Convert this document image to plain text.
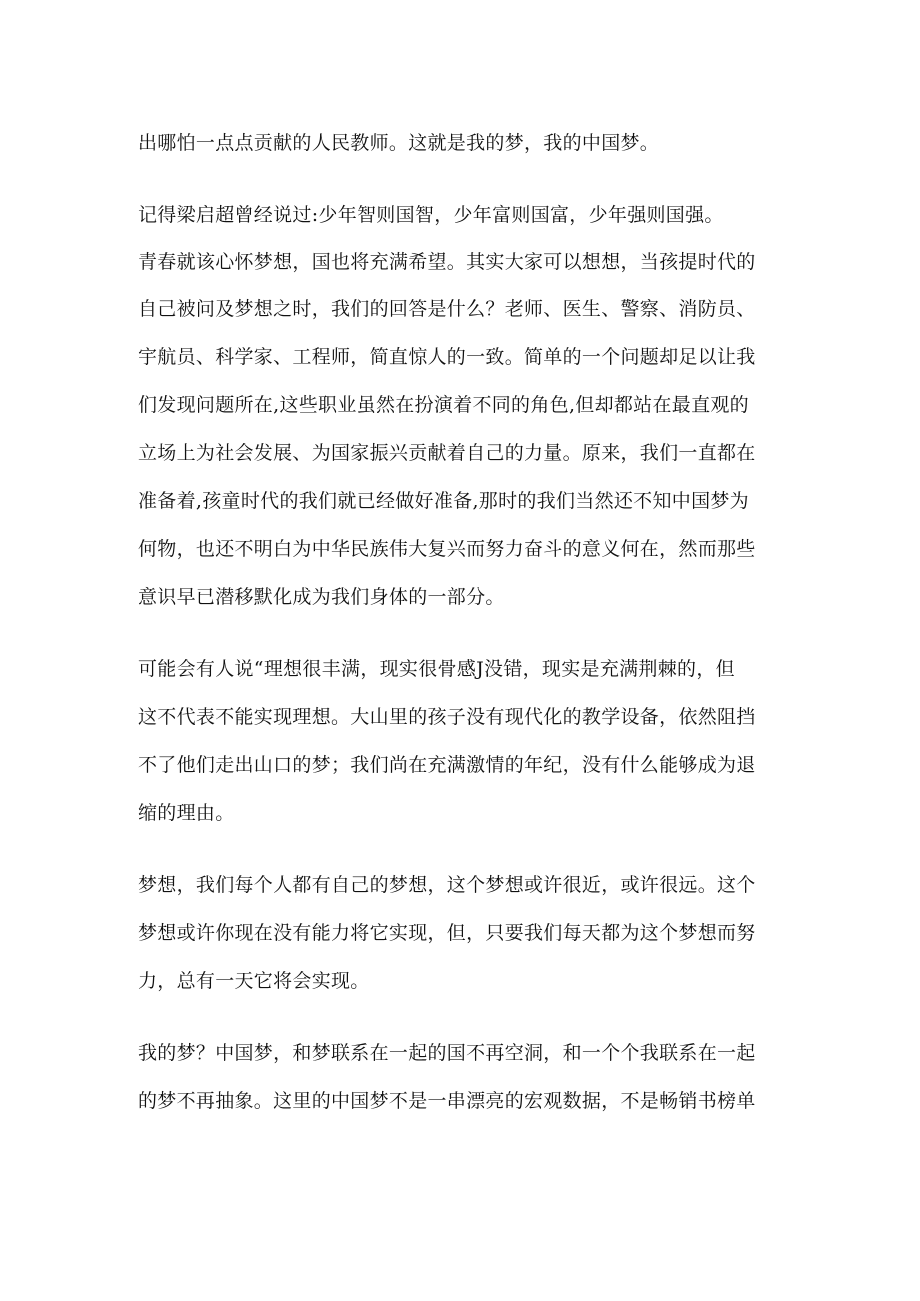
出哪怕一点点贡献的人民教师。这就是我的梦，我的中国梦。
记得梁启超曾经说过:少年智则国智，少年富则国富，少年强则国强。
青春就该心怀梦想，国也将充满希望。其实大家可以想想，当孩提时代的
自己被问及梦想之时，我们的回答是什么？老师、医生、警察、消防员、
宇航员、科学家、工程师，简直惊人的一致。简单的一个问题却足以让我
们发现问题所在,这些职业虽然在扮演着不同的角色,但却都站在最直观的
立场上为社会发展、为国家振兴贡献着自己的力量。原来，我们一直都在
准备着,孩童时代的我们就已经做好准备,那时的我们当然还不知中国梦为
何物，也还不明白为中华民族伟大复兴而努力奋斗的意义何在，然而那些
意识早已潜移默化成为我们身体的一部分。
可能会有人说“理想很丰满，现实很骨感J没错，现实是充满荆棘的，但
这不代表不能实现理想。大山里的孩子没有现代化的教学设备，依然阻挡
不了他们走出山口的梦；我们尚在充满激情的年纪，没有什么能够成为退
缩的理由。
梦想，我们每个人都有自己的梦想，这个梦想或许很近，或许很远。这个
梦想或许你现在没有能力将它实现，但，只要我们每天都为这个梦想而努
力，总有一天它将会实现。
我的梦？中国梦，和梦联系在一起的国不再空洞，和一个个我联系在一起
的梦不再抽象。这里的中国梦不是一串漂亮的宏观数据，不是畅销书榜单
